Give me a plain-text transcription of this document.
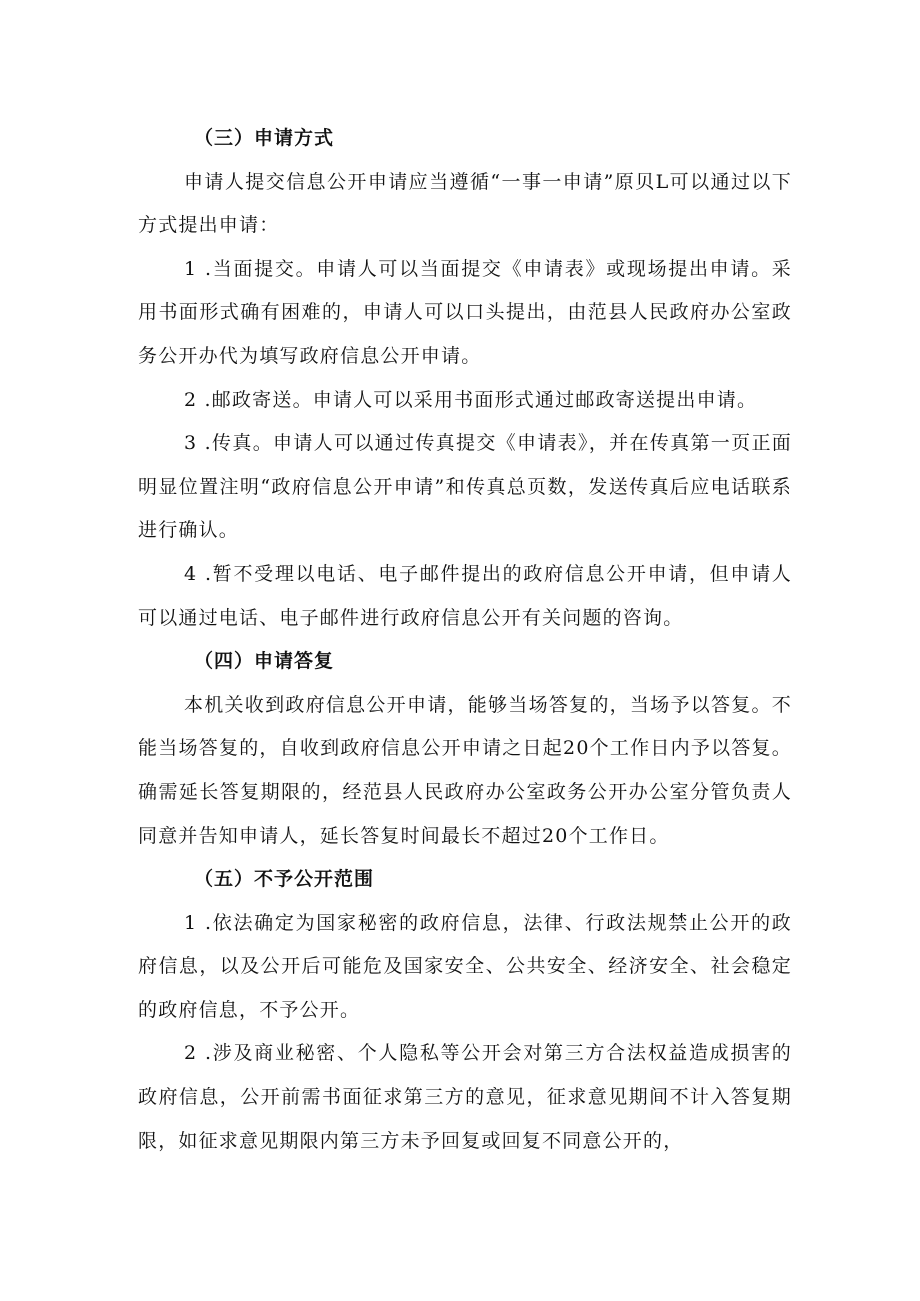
（三）申请方式

申请人提交信息公开申请应当遵循“一事一申请”原贝L可以通过以下方式提出申请：

1 .当面提交。申请人可以当面提交《申请表》或现场提出申请。采用书面形式确有困难的，申请人可以口头提出，由范县人民政府办公室政务公开办代为填写政府信息公开申请。

2 .邮政寄送。申请人可以采用书面形式通过邮政寄送提出申请。

3 .传真。申请人可以通过传真提交《申请表》，并在传真第一页正面明显位置注明“政府信息公开申请”和传真总页数，发送传真后应电话联系进行确认。

4 .暂不受理以电话、电子邮件提出的政府信息公开申请，但申请人可以通过电话、电子邮件进行政府信息公开有关问题的咨询。

（四）申请答复

本机关收到政府信息公开申请，能够当场答复的，当场予以答复。不能当场答复的，自收到政府信息公开申请之日起20个工作日内予以答复。确需延长答复期限的，经范县人民政府办公室政务公开办公室分管负责人同意并告知申请人，延长答复时间最长不超过20个工作日。

（五）不予公开范围

1 .依法确定为国家秘密的政府信息，法律、行政法规禁止公开的政府信息，以及公开后可能危及国家安全、公共安全、经济安全、社会稳定的政府信息，不予公开。

2 .涉及商业秘密、个人隐私等公开会对第三方合法权益造成损害的政府信息，公开前需书面征求第三方的意见，征求意见期间不计入答复期限，如征求意见期限内第三方未予回复或回复不同意公开的，
